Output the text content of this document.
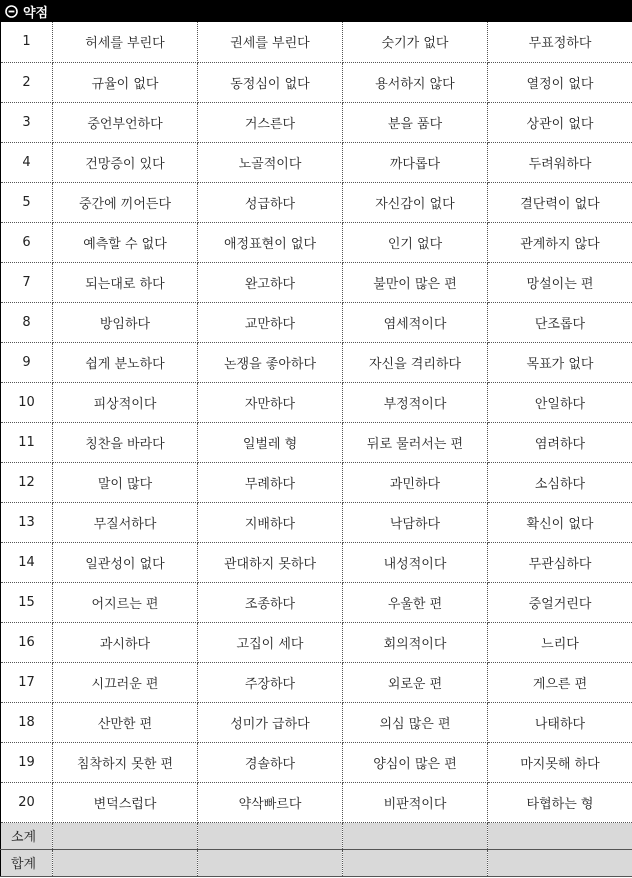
약점
1	허세를 부린다	권세를 부린다	숫기가 없다	무표정하다
2	규율이 없다	동정심이 없다	용서하지 않다	열정이 없다
3	중언부언하다	거스른다	분을 품다	상관이 없다
4	건망증이 있다	노골적이다	까다롭다	두려워하다
5	중간에 끼어든다	성급하다	자신감이 없다	결단력이 없다
6	예측할 수 없다	애정표현이 없다	인기 없다	관계하지 않다
7	되는대로 하다	완고하다	불만이 많은 편	망설이는 편
8	방임하다	교만하다	염세적이다	단조롭다
9	쉽게 분노하다	논쟁을 좋아하다	자신을 격리하다	목표가 없다
10	피상적이다	자만하다	부정적이다	안일하다
11	칭찬을 바라다	일벌레 형	뒤로 물러서는 편	염려하다
12	말이 많다	무례하다	과민하다	소심하다
13	무질서하다	지배하다	낙담하다	확신이 없다
14	일관성이 없다	관대하지 못하다	내성적이다	무관심하다
15	어지르는 편	조종하다	우울한 편	중얼거린다
16	과시하다	고집이 세다	회의적이다	느리다
17	시끄러운 편	주장하다	외로운 편	게으른 편
18	산만한 편	성미가 급하다	의심 많은 편	나태하다
19	침착하지 못한 편	경솔하다	양심이 많은 편	마지못해 하다
20	변덕스럽다	약삭빠르다	비판적이다	타협하는 형
소계				
합계				
